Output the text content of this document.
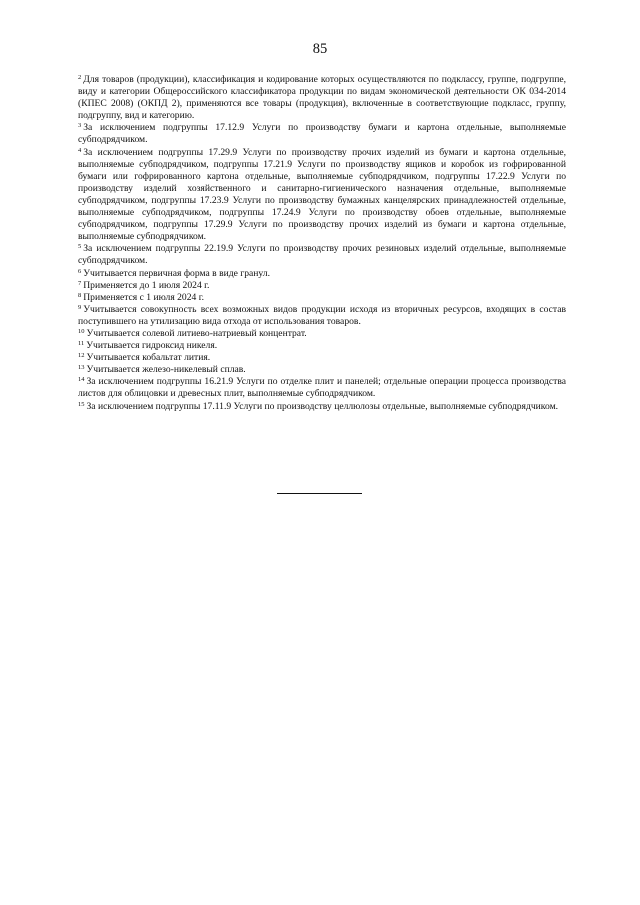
85

$^2$ Для товаров (продукции), классификация и кодирование которых осуществляются по подклассу, группе, подгруппе, виду и категории Общероссийского классификатора продукции по видам экономической деятельности ОК 034-2014 (КПЕС 2008) (ОКПД 2), применяются все товары (продукция), включенные в соответствующие подкласс, группу, подгруппу, вид и категорию.

$^3$ За исключением подгруппы 17.12.9 Услуги по производству бумаги и картона отдельные, выполняемые субподрядчиком.

$^4$ За исключением подгруппы 17.29.9 Услуги по производству прочих изделий из бумаги и картона отдельные, выполняемые субподрядчиком, подгруппы 17.21.9 Услуги по производству ящиков и коробок из гофрированной бумаги или гофрированного картона отдельные, выполняемые субподрядчиком, подгруппы 17.22.9 Услуги по производству изделий хозяйственного и санитарно-гигиенического назначения отдельные, выполняемые субподрядчиком, подгруппы 17.23.9 Услуги по производству бумажных канцелярских принадлежностей отдельные, выполняемые субподрядчиком, подгруппы 17.24.9 Услуги по производству обоев отдельные, выполняемые субподрядчиком, подгруппы 17.29.9 Услуги по производству прочих изделий из бумаги и картона отдельные, выполняемые субподрядчиком.

$^5$ За исключением подгруппы 22.19.9 Услуги по производству прочих резиновых изделий отдельные, выполняемые субподрядчиком.

$^6$ Учитывается первичная форма в виде гранул.

$^7$ Применяется до 1 июля 2024 г.

$^8$ Применяется с 1 июля 2024 г.

$^9$ Учитывается совокупность всех возможных видов продукции исходя из вторичных ресурсов, входящих в состав поступившего на утилизацию вида отхода от использования товаров.

$^{10}$ Учитывается солевой литиево-натриевый концентрат.

$^{11}$ Учитывается гидроксид никеля.

$^{12}$ Учитывается кобальтат лития.

$^{13}$ Учитывается железо-никелевый сплав.

$^{14}$ За исключением подгруппы 16.21.9 Услуги по отделке плит и панелей; отдельные операции процесса производства листов для облицовки и древесных плит, выполняемые субподрядчиком.

$^{15}$ За исключением подгруппы 17.11.9 Услуги по производству целлюлозы отдельные, выполняемые субподрядчиком.
